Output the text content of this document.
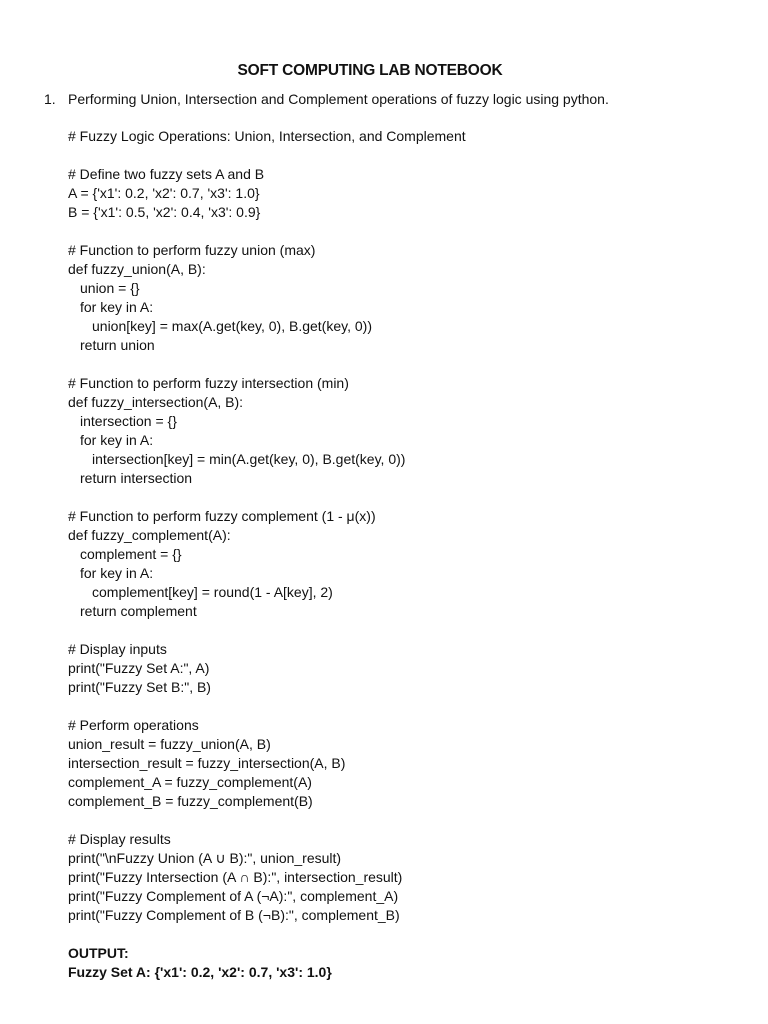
SOFT COMPUTING LAB NOTEBOOK
1. Performing Union, Intersection and Complement operations of fuzzy logic using python.
# Fuzzy Logic Operations: Union, Intersection, and Complement
# Define two fuzzy sets A and B
A = {'x1': 0.2, 'x2': 0.7, 'x3': 1.0}
B = {'x1': 0.5, 'x2': 0.4, 'x3': 0.9}
# Function to perform fuzzy union (max)
def fuzzy_union(A, B):
union = {}
for key in A:
union[key] = max(A.get(key, 0), B.get(key, 0))
return union
# Function to perform fuzzy intersection (min)
def fuzzy_intersection(A, B):
intersection = {}
for key in A:
intersection[key] = min(A.get(key, 0), B.get(key, 0))
return intersection
# Function to perform fuzzy complement (1 - μ(x))
def fuzzy_complement(A):
complement = {}
for key in A:
complement[key] = round(1 - A[key], 2)
return complement
# Display inputs
print("Fuzzy Set A:", A)
print("Fuzzy Set B:", B)
# Perform operations
union_result = fuzzy_union(A, B)
intersection_result = fuzzy_intersection(A, B)
complement_A = fuzzy_complement(A)
complement_B = fuzzy_complement(B)
# Display results
print("\nFuzzy Union (A ∪ B):", union_result)
print("Fuzzy Intersection (A ∩ B):", intersection_result)
print("Fuzzy Complement of A (¬A):", complement_A)
print("Fuzzy Complement of B (¬B):", complement_B)
OUTPUT:
Fuzzy Set A: {'x1': 0.2, 'x2': 0.7, 'x3': 1.0}
